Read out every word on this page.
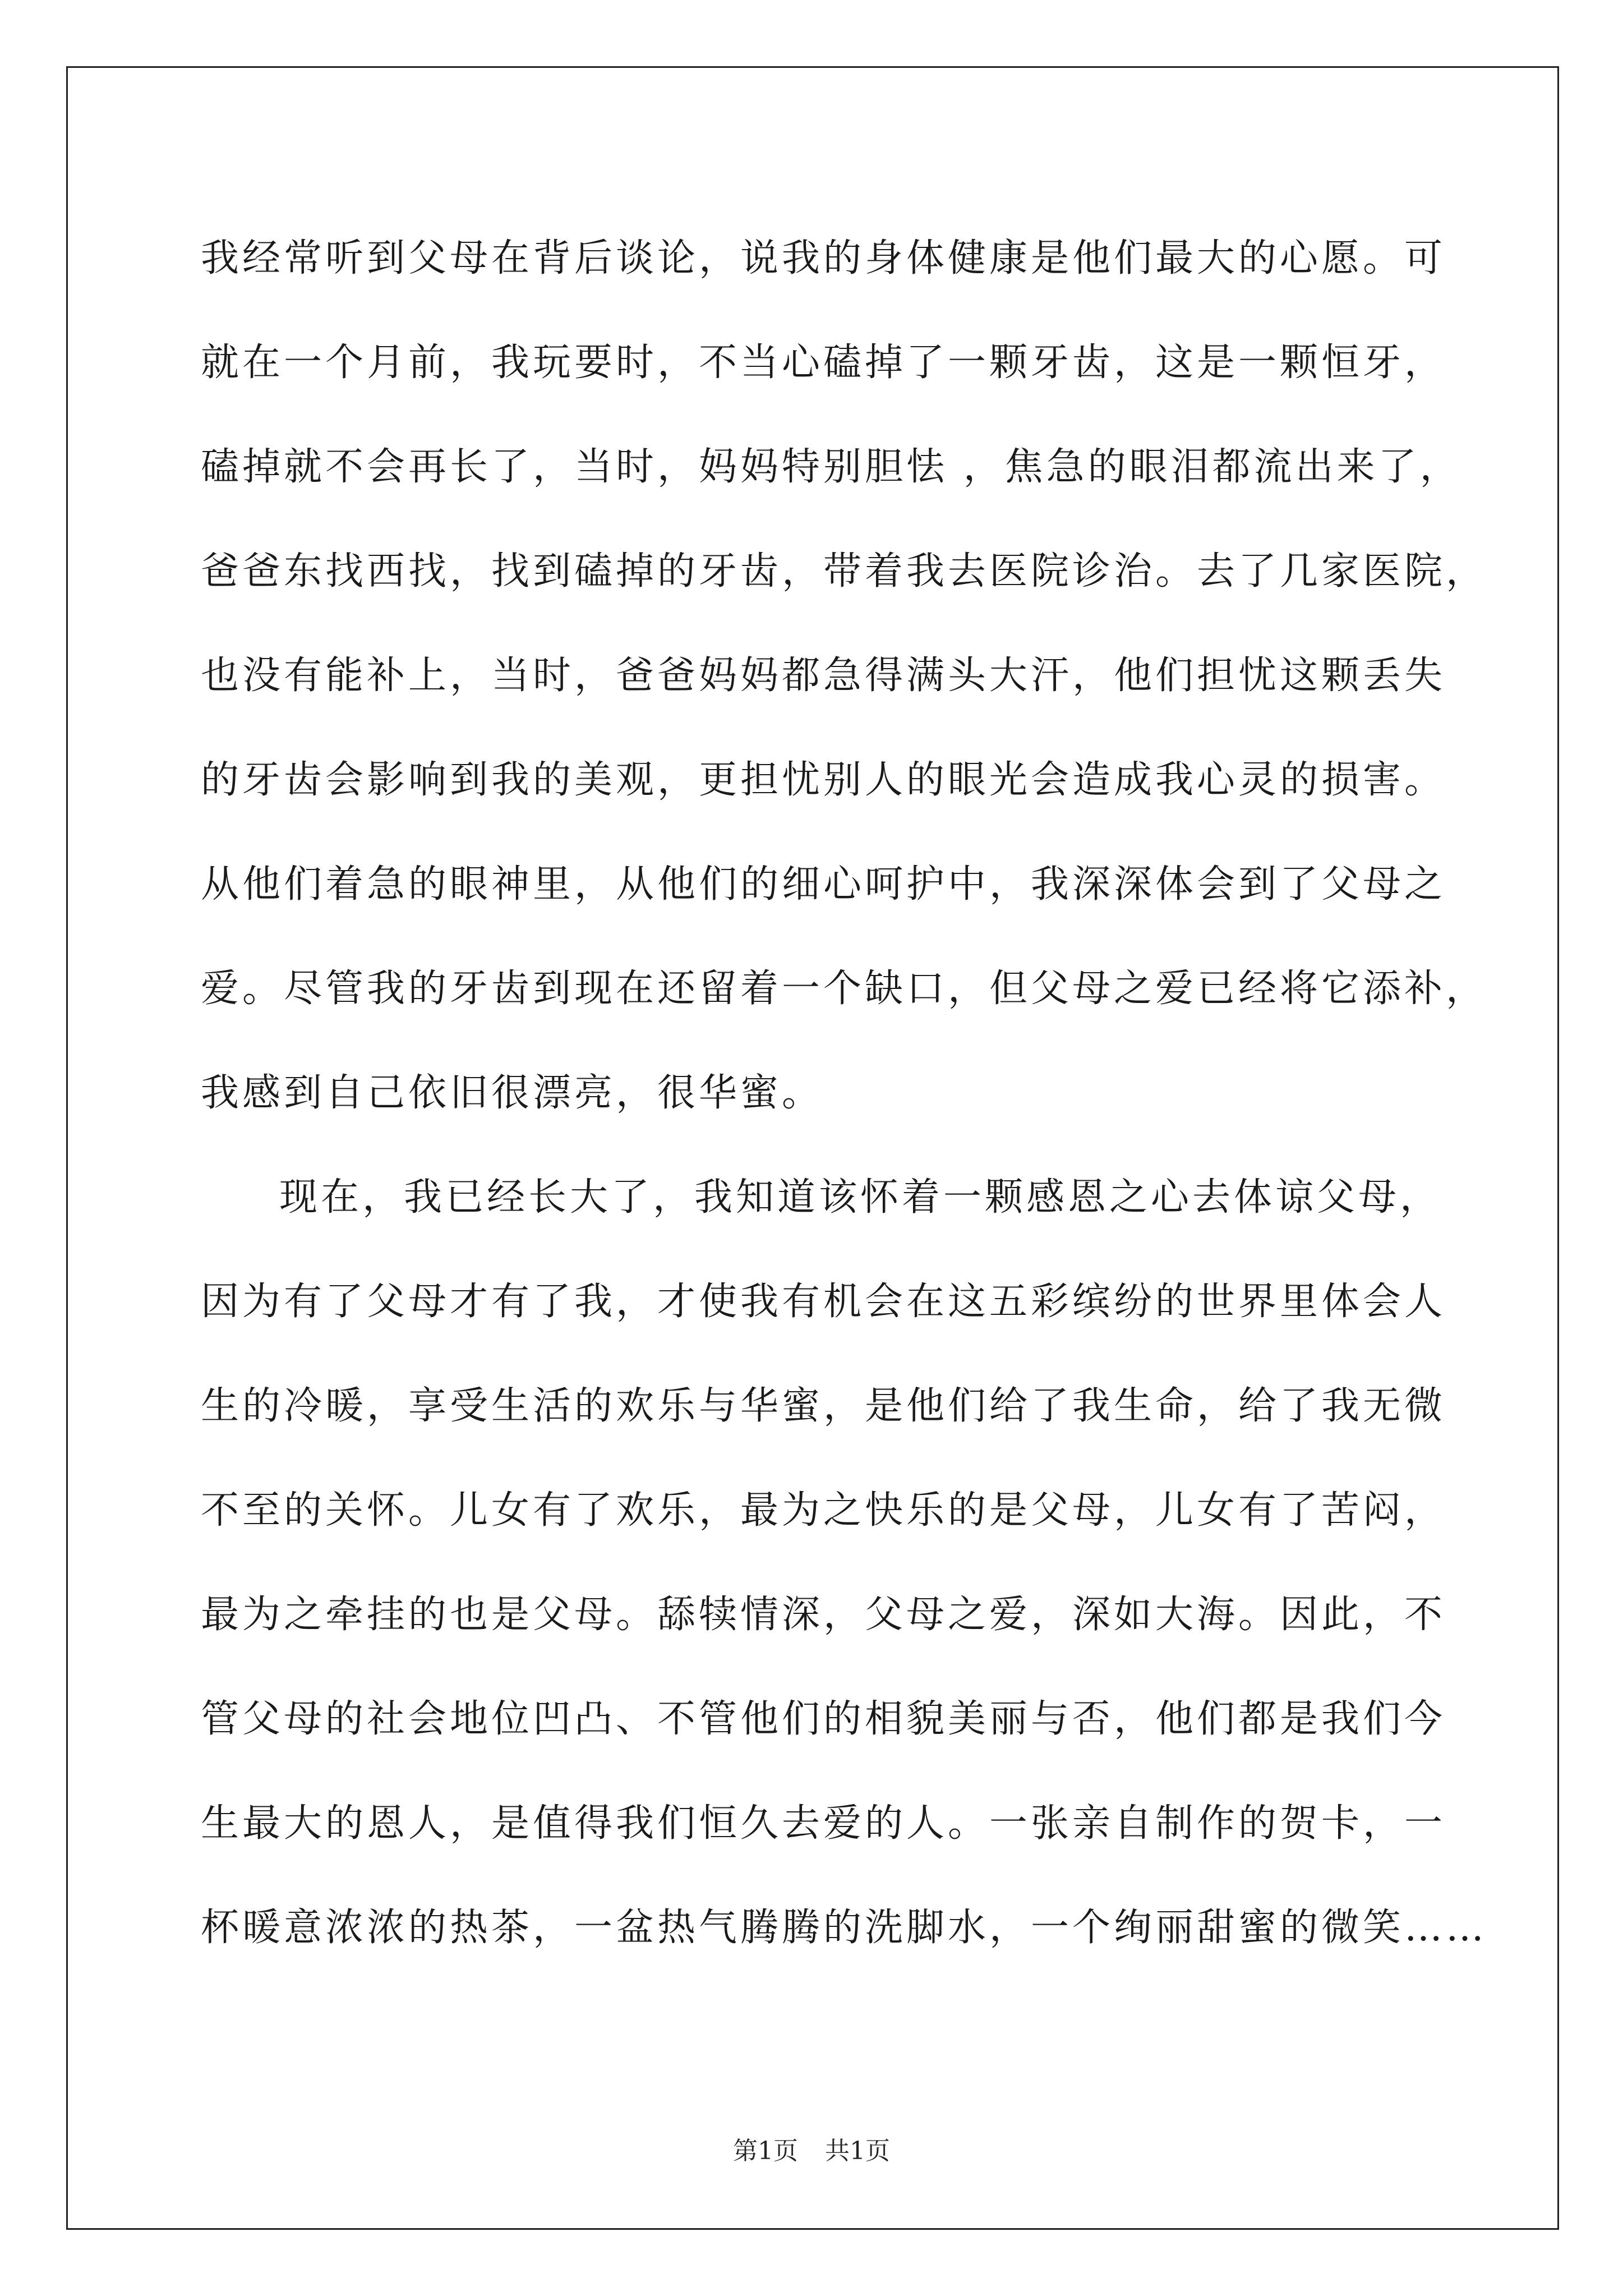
我经常听到父母在背后谈论，说我的身体健康是他们最大的心愿。可
就在一个月前，我玩要时，不当心磕掉了一颗牙齿，这是一颗恒牙，
磕掉就不会再长了，当时，妈妈特别胆怯 ，焦急的眼泪都流出来了，
爸爸东找西找，找到磕掉的牙齿，带着我去医院诊治。去了几家医院，
也没有能补上，当时，爸爸妈妈都急得满头大汗，他们担忧这颗丢失
的牙齿会影响到我的美观，更担忧别人的眼光会造成我心灵的损害。
从他们着急的眼神里，从他们的细心呵护中，我深深体会到了父母之
爱。尽管我的牙齿到现在还留着一个缺口，但父母之爱已经将它添补，
我感到自己依旧很漂亮，很华蜜。
现在，我已经长大了，我知道该怀着一颗感恩之心去体谅父母，
因为有了父母才有了我，才使我有机会在这五彩缤纷的世界里体会人
生的冷暖，享受生活的欢乐与华蜜，是他们给了我生命，给了我无微
不至的关怀。儿女有了欢乐，最为之快乐的是父母，儿女有了苦闷，
最为之牵挂的也是父母。舔犊情深，父母之爱，深如大海。因此，不
管父母的社会地位凹凸、不管他们的相貌美丽与否，他们都是我们今
生最大的恩人，是值得我们恒久去爱的人。一张亲自制作的贺卡，一
杯暖意浓浓的热茶，一盆热气腾腾的洗脚水，一个绚丽甜蜜的微笑……
第1页 共1页
